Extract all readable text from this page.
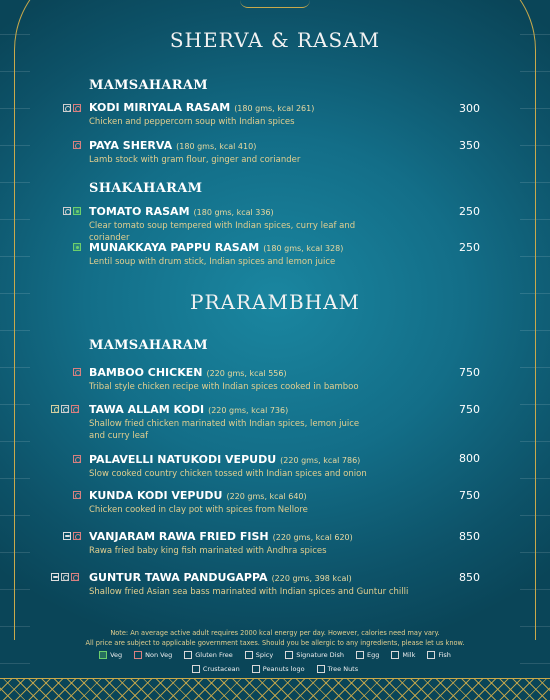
SHERVA & RASAM
MAMSAHARAM
KODI MIRIYALA RASAM (180 gms, kcal 261)
Chicken and peppercorn soup with Indian spices
300
PAYA SHERVA (180 gms, kcal 410)
Lamb stock with gram flour, ginger and coriander
350
SHAKAHARAM
TOMATO RASAM (180 gms, kcal 336)
Clear tomato soup tempered with Indian spices, curry leaf and coriander
250
MUNAKKAYA PAPPU RASAM (180 gms, kcal 328)
Lentil soup with drum stick, Indian spices and lemon juice
250
PRARAMBHAM
MAMSAHARAM
BAMBOO CHICKEN (220 gms, kcal 556)
Tribal style chicken recipe with Indian spices cooked in bamboo
750
TAWA ALLAM KODI (220 gms, kcal 736)
Shallow fried chicken marinated with Indian spices, lemon juice and curry leaf
750
PALAVELLI NATUKODI VEPUDU (220 gms, kcal 786)
Slow cooked country chicken tossed with Indian spices and onion
800
KUNDA KODI VEPUDU (220 gms, kcal 640)
Chicken cooked in clay pot with spices from Nellore
750
VANJARAM RAWA FRIED FISH (220 gms, kcal 620)
Rawa fried baby king fish marinated with Andhra spices
850
GUNTUR TAWA PANDUGAPPA (220 gms, 398 kcal)
Shallow fried Asian sea bass marinated with Indian spices and Guntur chilli
850
Note: An average active adult requires 2000 kcal energy per day. However, calories need may vary.
All price are subject to applicable government taxes. Should you be allergic to any ingredients, please let us know.
Veg	Non Veg	Gluten Free	Spicy	Signature Dish	Egg	Milk	Fish
Crustacean	Peanuts logo	Tree Nuts
